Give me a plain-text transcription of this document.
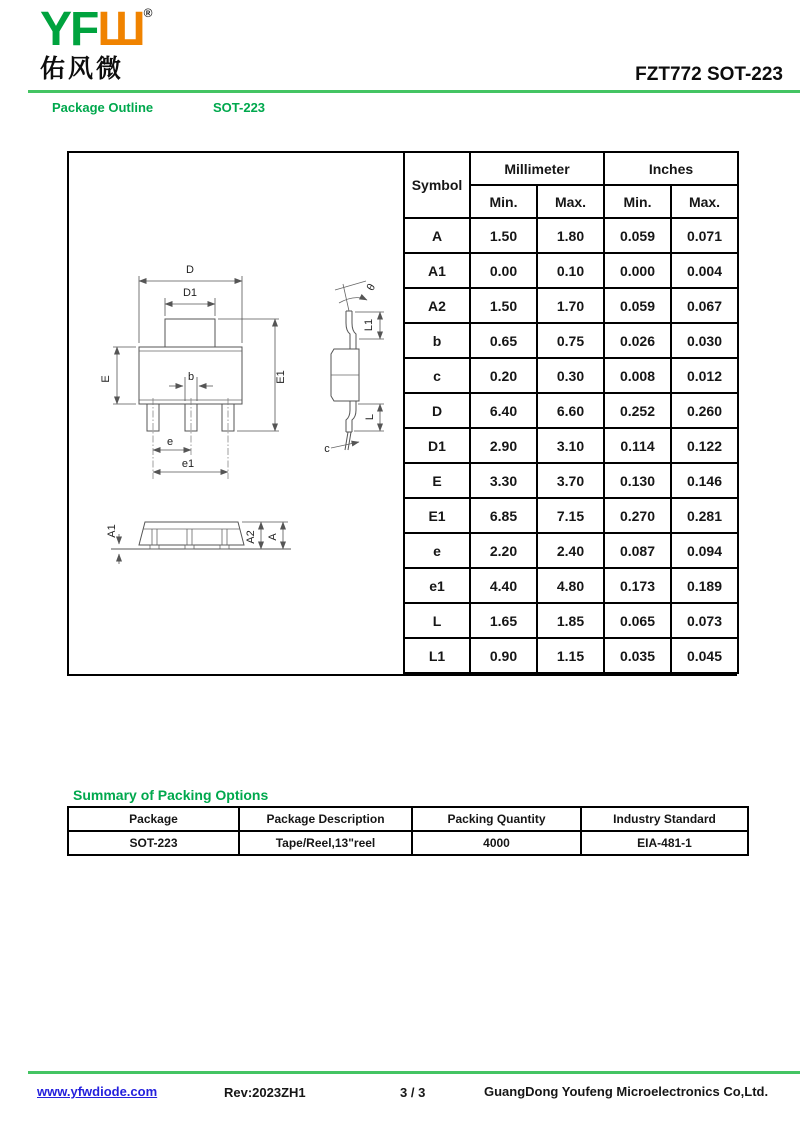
YFШ®
佑风微	FZT772 SOT-223
Package Outline	SOT-223
D
D1
E	E1
b
e
e1
θ
L1
L
c
A1	A2 A
Symbol	Millimeter		Inches	
	Min.	Max.	Min.	Max.
A	1.50	1.80	0.059	0.071
A1	0.00	0.10	0.000	0.004
A2	1.50	1.70	0.059	0.067
b	0.65	0.75	0.026	0.030
c	0.20	0.30	0.008	0.012
D	6.40	6.60	0.252	0.260
D1	2.90	3.10	0.114	0.122
E	3.30	3.70	0.130	0.146
E1	6.85	7.15	0.270	0.281
e	2.20	2.40	0.087	0.094
e1	4.40	4.80	0.173	0.189
L	1.65	1.85	0.065	0.073
L1	0.90	1.15	0.035	0.045
Summary of Packing Options
Package	Package Description	Packing Quantity	Industry Standard
SOT-223	Tape/Reel,13"reel	4000	EIA-481-1
www.yfwdiode.com	Rev:2023ZH1	3 / 3	GuangDong Youfeng Microelectronics Co,Ltd.
